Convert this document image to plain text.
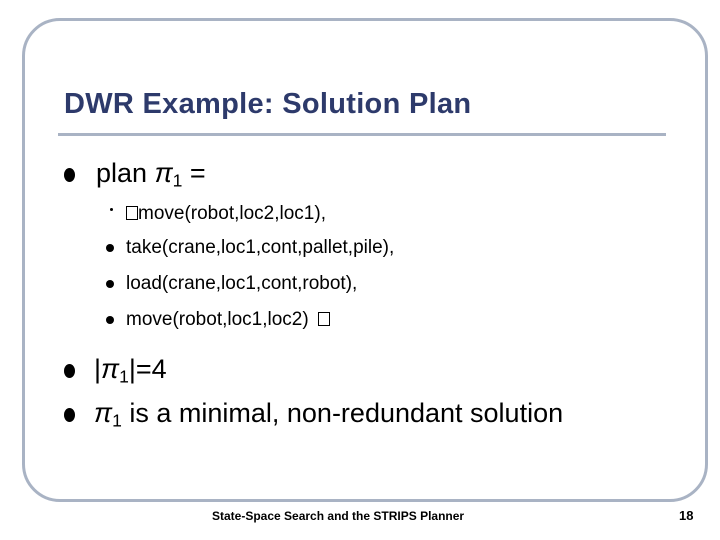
DWR Example: Solution Plan
plan $\pi_1$ =
move(robot,loc2,loc1),
take(crane,loc1,cont,pallet,pile),
load(crane,loc1,cont,robot),
move(robot,loc1,loc2)
$|\pi_1|=4$
$\pi_1$ is a minimal, non-redundant solution
State-Space Search and the STRIPS Planner	18
